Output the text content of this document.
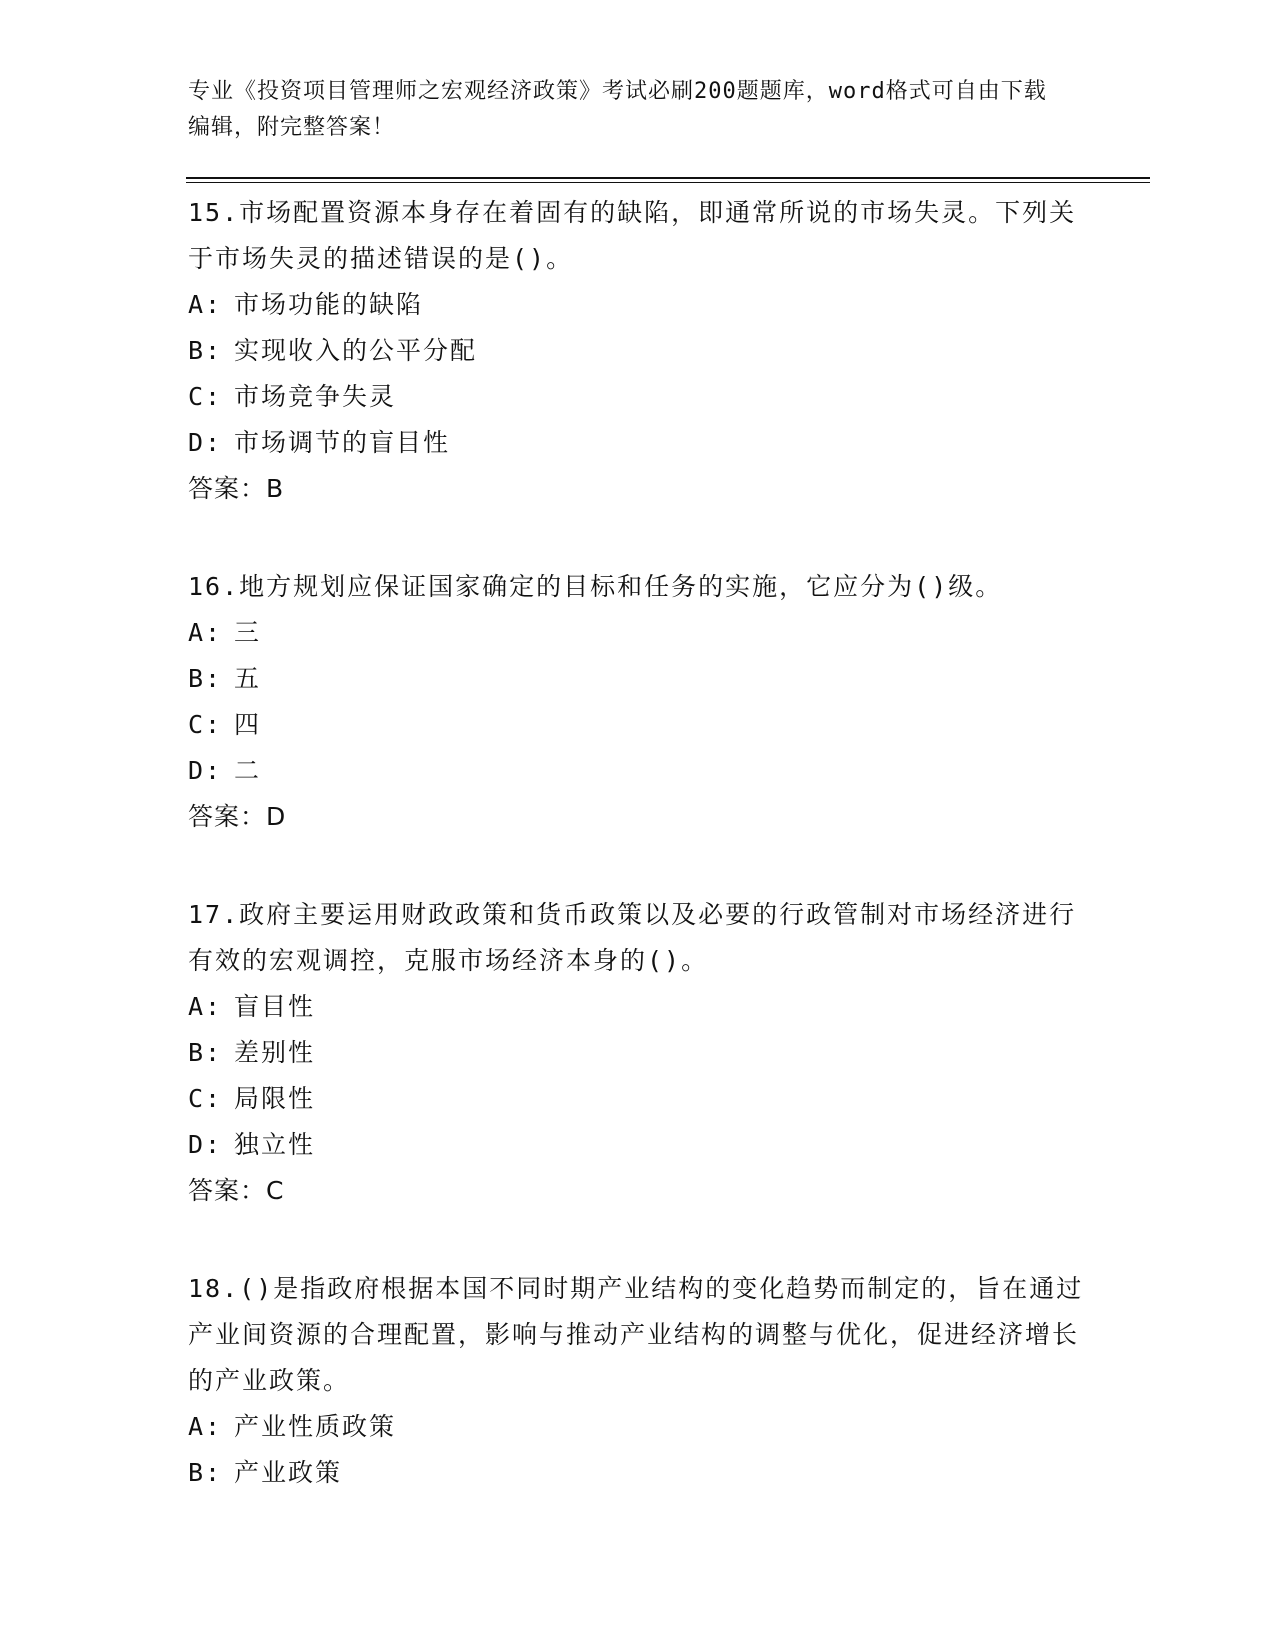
专业《投资项目管理师之宏观经济政策》考试必刷200题题库，word格式可自由下载编辑，附完整答案！

15.市场配置资源本身存在着固有的缺陷，即通常所说的市场失灵。下列关于市场失灵的描述错误的是()。

A: 市场功能的缺陷

B: 实现收入的公平分配

C: 市场竞争失灵

D: 市场调节的盲目性

答案：B

16.地方规划应保证国家确定的目标和任务的实施，它应分为()级。

A: 三

B: 五

C: 四

D: 二

答案：D

17.政府主要运用财政政策和货币政策以及必要的行政管制对市场经济进行有效的宏观调控，克服市场经济本身的()。

A: 盲目性

B: 差别性

C: 局限性

D: 独立性

答案：C

18.()是指政府根据本国不同时期产业结构的变化趋势而制定的，旨在通过产业间资源的合理配置，影响与推动产业结构的调整与优化，促进经济增长的产业政策。

A: 产业性质政策

B: 产业政策
